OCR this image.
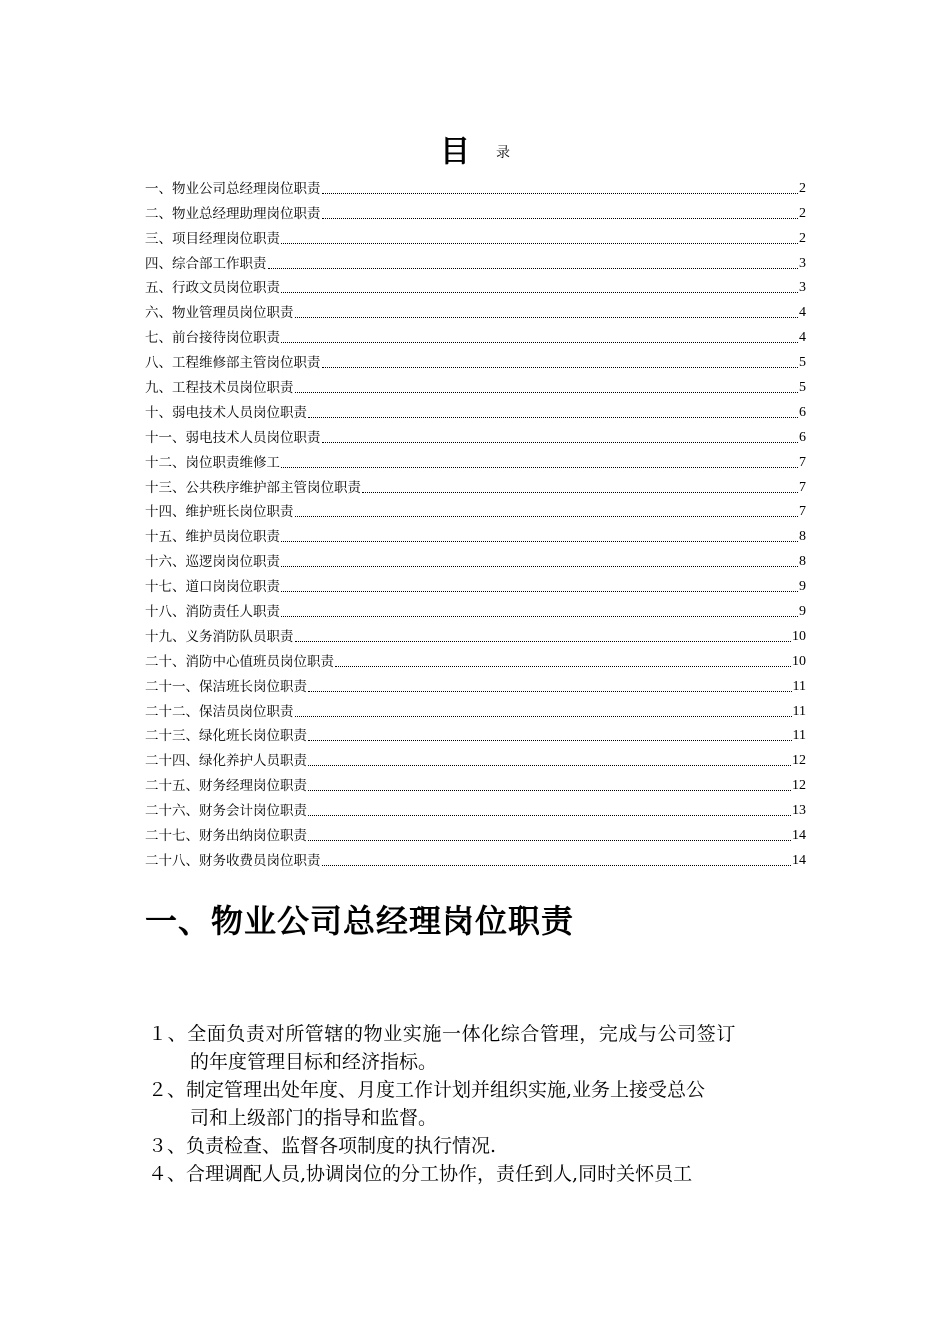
目 录
一、物业公司总经理岗位职责	2
二、物业总经理助理岗位职责	2
三、项目经理岗位职责	2
四、综合部工作职责	3
五、行政文员岗位职责	3
六、物业管理员岗位职责	4
七、前台接待岗位职责	4
八、工程维修部主管岗位职责	5
九、工程技术员岗位职责	5
十、弱电技术人员岗位职责	6
十一、弱电技术人员岗位职责	6
十二、岗位职责维修工	7
十三、公共秩序维护部主管岗位职责	7
十四、维护班长岗位职责	7
十五、维护员岗位职责	8
十六、巡逻岗岗位职责	8
十七、道口岗岗位职责	9
十八、消防责任人职责	9
十九、义务消防队员职责	10
二十、消防中心值班员岗位职责	10
二十一、保洁班长岗位职责	11
二十二、保洁员岗位职责	11
二十三、绿化班长岗位职责	11
二十四、绿化养护人员职责	12
二十五、财务经理岗位职责	12
二十六、财务会计岗位职责	13
二十七、财务出纳岗位职责	14
二十八、财务收费员岗位职责	14
一、物业公司总经理岗位职责
１、全面负责对所管辖的物业实施一体化综合管理，完成与公司签订
的年度管理目标和经济指标。
２、制定管理出处年度、月度工作计划并组织实施,业务上接受总公
司和上级部门的指导和监督。
３、负责检查、监督各项制度的执行情况.
４、合理调配人员,协调岗位的分工协作，责任到人,同时关怀员工
